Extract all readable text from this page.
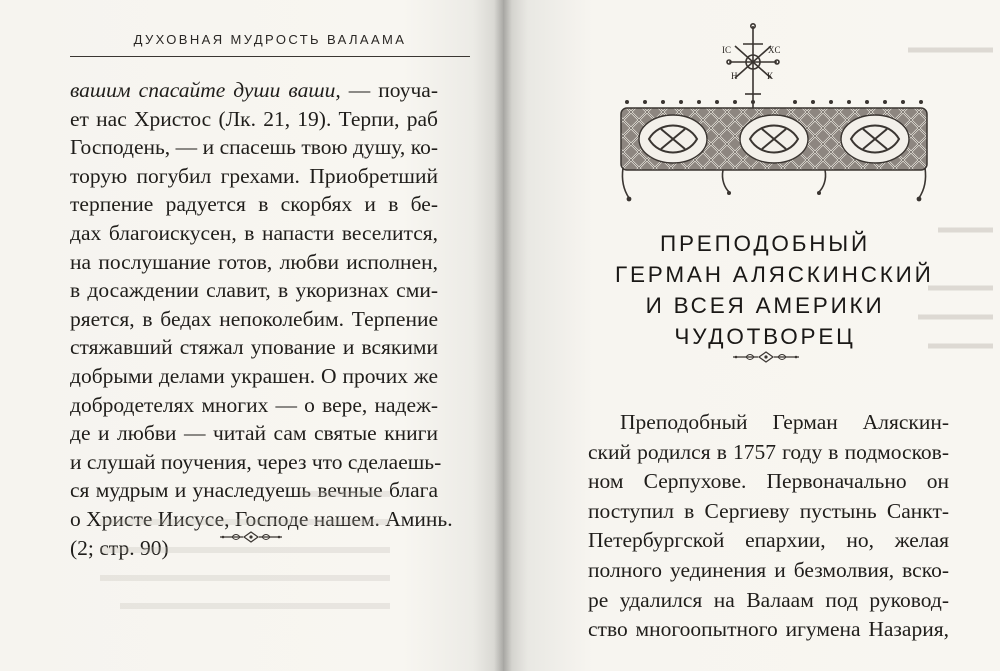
ДУХОВНАЯ МУДРОСТЬ ВАЛААМА
вашим спасайте души ваши, — поуча-
ет нас Христос (Лк. 21, 19). Терпи, раб
Господень, — и спасешь твою душу, ко-
торую погубил грехами. Приобретший
терпение радуется в скорбях и в бе-
дах благоискусен, в напасти веселится,
на послушание готов, любви исполнен,
в досаждении славит, в укоризнах сми-
ряется, в бедах непоколебим. Терпение
стяжавший стяжал упование и всякими
добрыми делами украшен. О прочих же
добродетелях многих — о вере, надеж-
де и любви — читай сам святые книги
и слушай поучения, через что сделаешь-
ся мудрым и унаследуешь вечные блага
о Христе Иисусе, Господе нашем. Аминь.
(2; стр. 90)
IC	XC
Н	К
ПРЕПОДОБНЫЙ
ГЕРМАН АЛЯСКИНСКИЙ
И ВСЕЯ АМЕРИКИ
ЧУДОТВОРЕЦ
Преподобный Герман Аляскин-
ский родился в 1757 году в подмосков-
ном Серпухове. Первоначально он
поступил в Сергиеву пустынь Санкт-
Петербургской епархии, но, желая
полного уединения и безмолвия, вско-
ре удалился на Валаам под руковод-
ство многоопытного игумена Назария,
